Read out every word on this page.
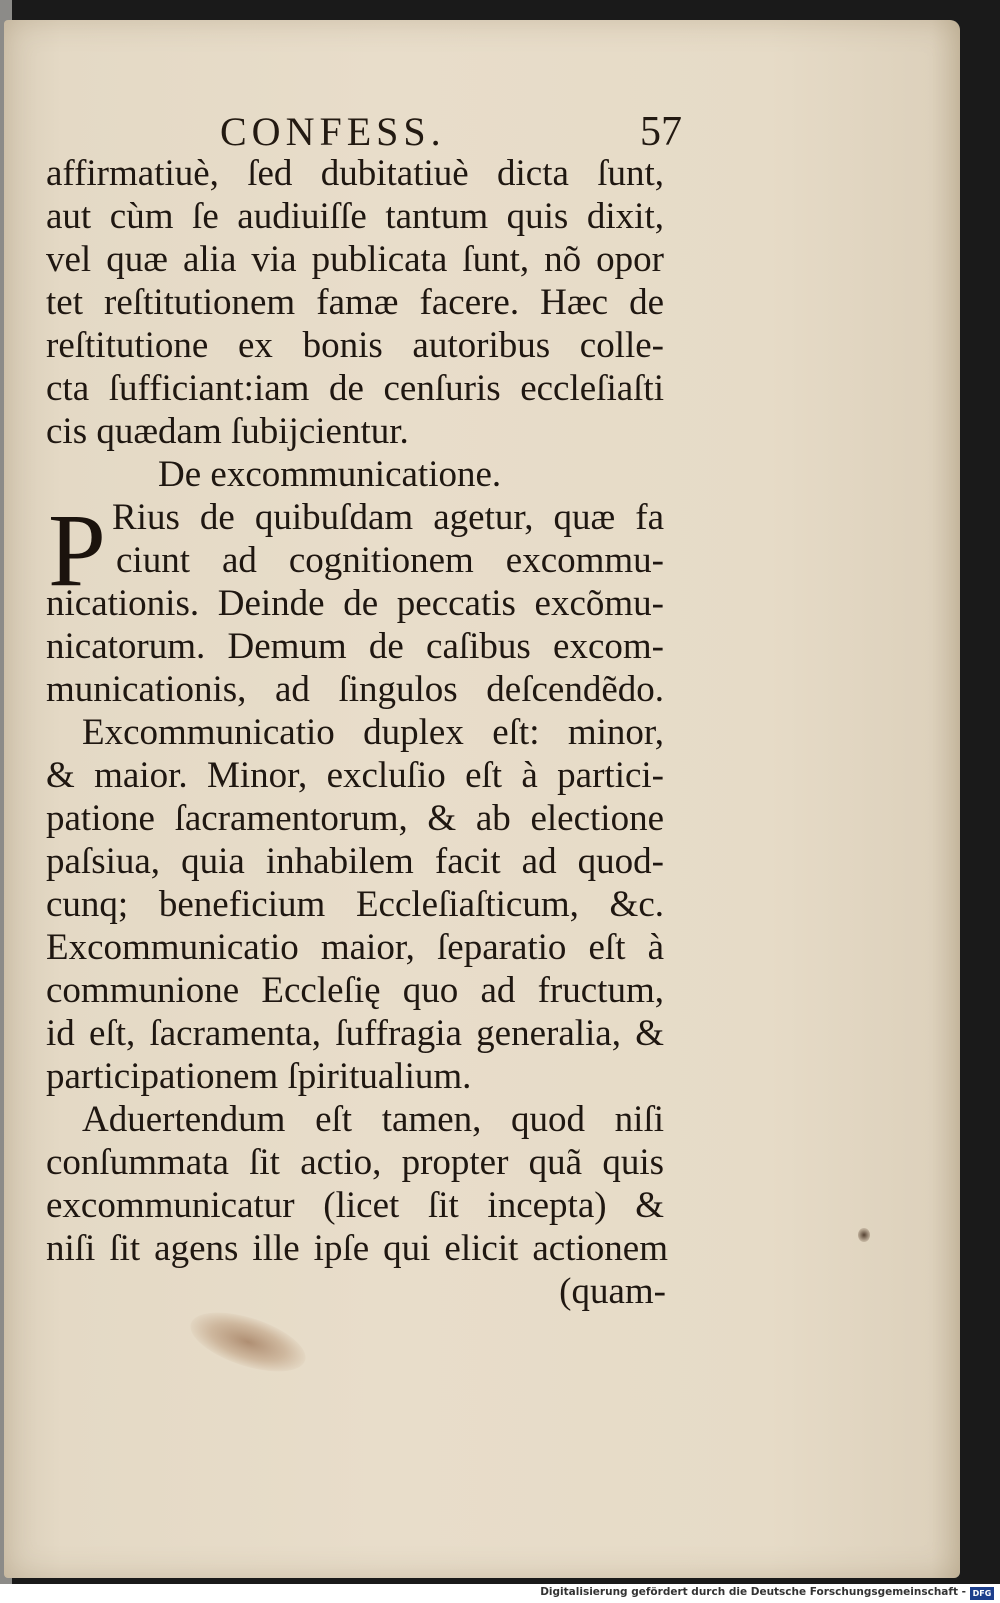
CONFESS.	57
P
affirmatiuè, ſed dubitatiuè dicta ſunt,
aut cùm ſe audiuiſſe tantum quis dixit,
vel quæ alia via publicata ſunt, nõ opor
tet reſtitutionem famæ facere. Hæc de
reſtitutione ex bonis autoribus colle-
cta ſufficiant:iam de cenſuris eccleſiaſti
cis quædam ſubijcientur.
De excommunicatione.
Rius de quibuſdam agetur, quæ fa
ciunt ad cognitionem excommu-
nicationis. Deinde de peccatis excõmu-
nicatorum. Demum de caſibus excom-
municationis, ad ſingulos deſcendẽdo.
Excommunicatio duplex eſt: minor,
& maior. Minor, excluſio eſt à partici-
patione ſacramentorum, & ab electione
paſsiua, quia inhabilem facit ad quod-
cunq; beneficium Eccleſiaſticum, &c.
Excommunicatio maior, ſeparatio eſt à
communione Eccleſię quo ad fructum,
id eſt, ſacramenta, ſuffragia generalia, &
participationem ſpiritualium.
Aduertendum eſt tamen, quod niſi
conſummata ſit actio, propter quã quis
excommunicatur (licet ſit incepta) &
niſi ſit agens ille ipſe qui elicit actionem
(quam-
Digitalisierung gefördert durch die Deutsche Forschungsgemeinschaft - DFG
